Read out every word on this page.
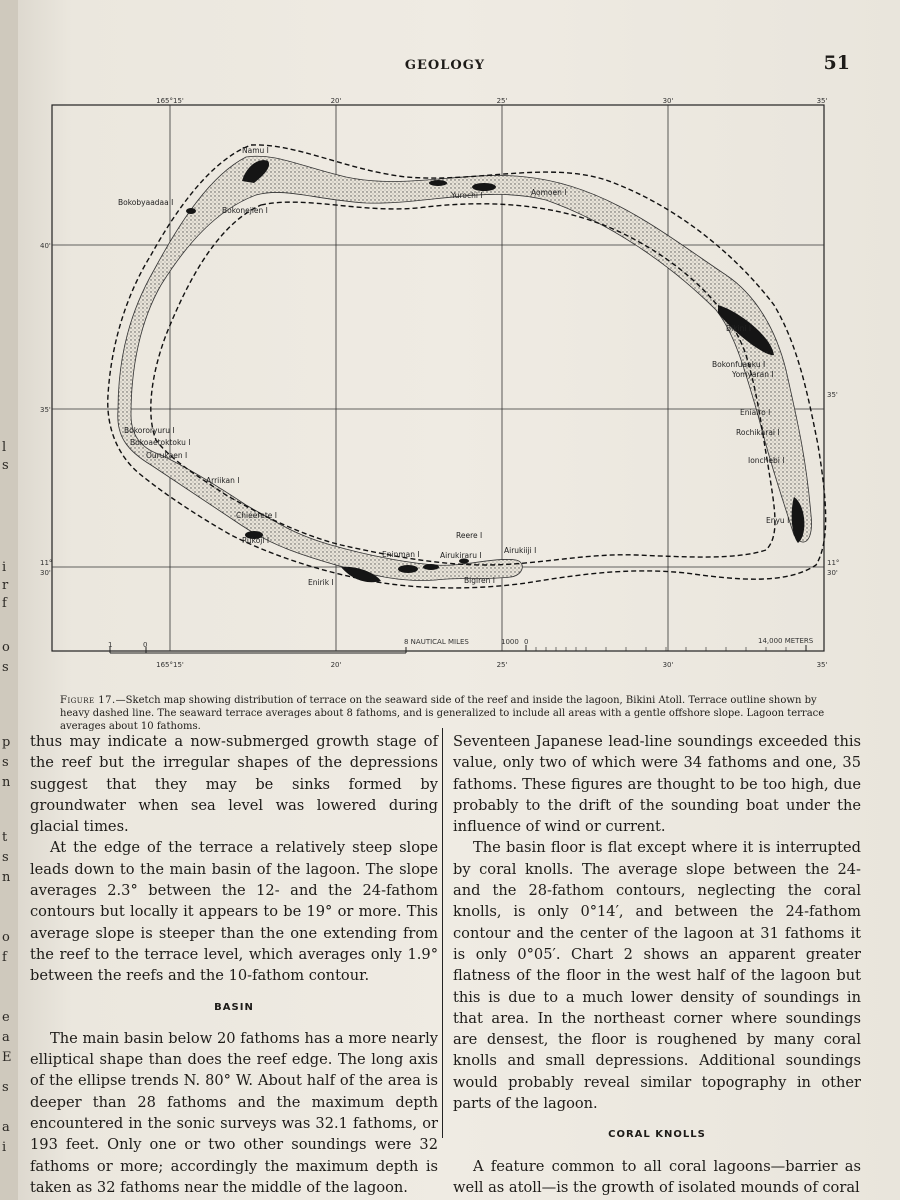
GEOLOGY	51
165°15'	20'	25'	30'	35'
40'
35'
11°
30'
35'
11°
30'
165°15'	20'	25'	30'	35'
Namu I
Bokobyaadaa I
Bokonejien I
Yurochi I	Aomoen I
Bikini I
Bokonfuaaku I
Yomyaran I
Eniairo I
Rochikarai I
Ionchebi I
Enyu I
Bokororyuru I
Bokoaetoktoku I
Ourukaen I
Arriikan I
Chieerete I
Rukoji I
Reere I
Eninman I	Airukiraru I
Airukiiji I
Bigiren I
Enirik I
1	0	8 NAUTICAL MILES	1000 0	14,000 METERS
Figure 17.—Sketch map showing distribution of terrace on the seaward side of the reef and inside the lagoon, Bikini Atoll. Terrace outline shown by heavy dashed line. The seaward terrace averages about 8 fathoms, and is generalized to include all areas with a gentle offshore slope. Lagoon terrace averages about 10 fathoms.

thus may indicate a now-submerged growth stage of the reef but the irregular shapes of the depressions suggest that they may be sinks formed by groundwater when sea level was lowered during glacial times.

At the edge of the terrace a relatively steep slope leads down to the main basin of the lagoon. The slope averages 2.3° between the 12- and the 24-fathom contours but locally it appears to be 19° or more. This average slope is steeper than the one extending from the reef to the terrace level, which averages only 1.9° between the reefs and the 10-fathom contour.

BASIN

The main basin below 20 fathoms has a more nearly elliptical shape than does the reef edge. The long axis of the ellipse trends N. 80° W. About half of the area is deeper than 28 fathoms and the maximum depth encountered in the sonic surveys was 32.1 fathoms, or 193 feet. Only one or two other soundings were 32 fathoms or more; accordingly the maximum depth is taken as 32 fathoms near the middle of the lagoon.

Seventeen Japanese lead-line soundings exceeded this value, only two of which were 34 fathoms and one, 35 fathoms. These figures are thought to be too high, due probably to the drift of the sounding boat under the influence of wind or current.

The basin floor is flat except where it is interrupted by coral knolls. The average slope between the 24- and the 28-fathom contours, neglecting the coral knolls, is only 0°14′, and between the 24-fathom contour and the center of the lagoon at 31 fathoms it is only 0°05′. Chart 2 shows an apparent greater flatness of the floor in the west half of the lagoon but this is due to a much lower density of soundings in that area. In the northeast corner where soundings are densest, the floor is roughened by many coral knolls and small depressions. Additional soundings would probably reveal similar topography in other parts of the lagoon.

CORAL KNOLLS

A feature common to all coral lagoons—barrier as well as atoll—is the growth of isolated mounds of coral

l
s
i
r
f
o
s
p
s
n
t
s
n
o
f
e
a
E
s
a
i
